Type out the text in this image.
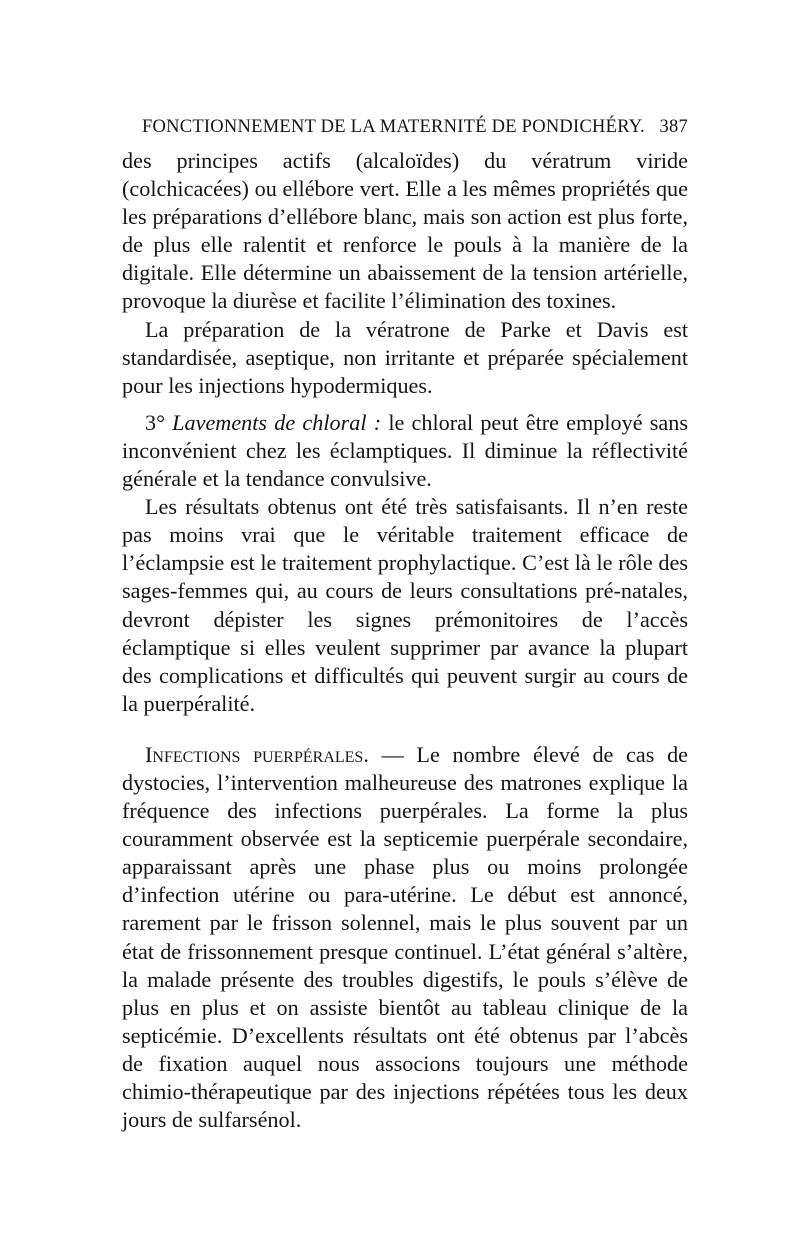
FONCTIONNEMENT DE LA MATERNITÉ DE PONDICHÉRY. 387

des principes actifs (alcaloïdes) du vératrum viride (colchicacées) ou ellébore vert. Elle a les mêmes propriétés que les préparations d’ellébore blanc, mais son action est plus forte, de plus elle ralentit et renforce le pouls à la manière de la digitale. Elle détermine un abaissement de la tension artérielle, provoque la diurèse et facilite l’élimination des toxines.

La préparation de la vératrone de Parke et Davis est standardisée, aseptique, non irritante et préparée spécialement pour les injections hypodermiques.

3° Lavements de chloral : le chloral peut être employé sans inconvénient chez les éclamptiques. Il diminue la réflectivité générale et la tendance convulsive.

Les résultats obtenus ont été très satisfaisants. Il n’en reste pas moins vrai que le véritable traitement efficace de l’éclampsie est le traitement prophylactique. C’est là le rôle des sages-femmes qui, au cours de leurs consultations pré-natales, devront dépister les signes prémonitoires de l’accès éclamptique si elles veulent supprimer par avance la plupart des complications et difficultés qui peuvent surgir au cours de la puerpéralité.

Infections puerpérales. — Le nombre élevé de cas de dystocies, l’intervention malheureuse des matrones explique la fréquence des infections puerpérales. La forme la plus couramment observée est la septicemie puerpérale secondaire, apparaissant après une phase plus ou moins prolongée d’infection utérine ou para-utérine. Le début est annoncé, rarement par le frisson solennel, mais le plus souvent par un état de frissonnement presque continuel. L’état général s’altère, la malade présente des troubles digestifs, le pouls s’élève de plus en plus et on assiste bientôt au tableau clinique de la septicémie. D’excellents résultats ont été obtenus par l’abcès de fixation auquel nous associons toujours une méthode chimio-thérapeutique par des injections répétées tous les deux jours de sulfarsénol.
